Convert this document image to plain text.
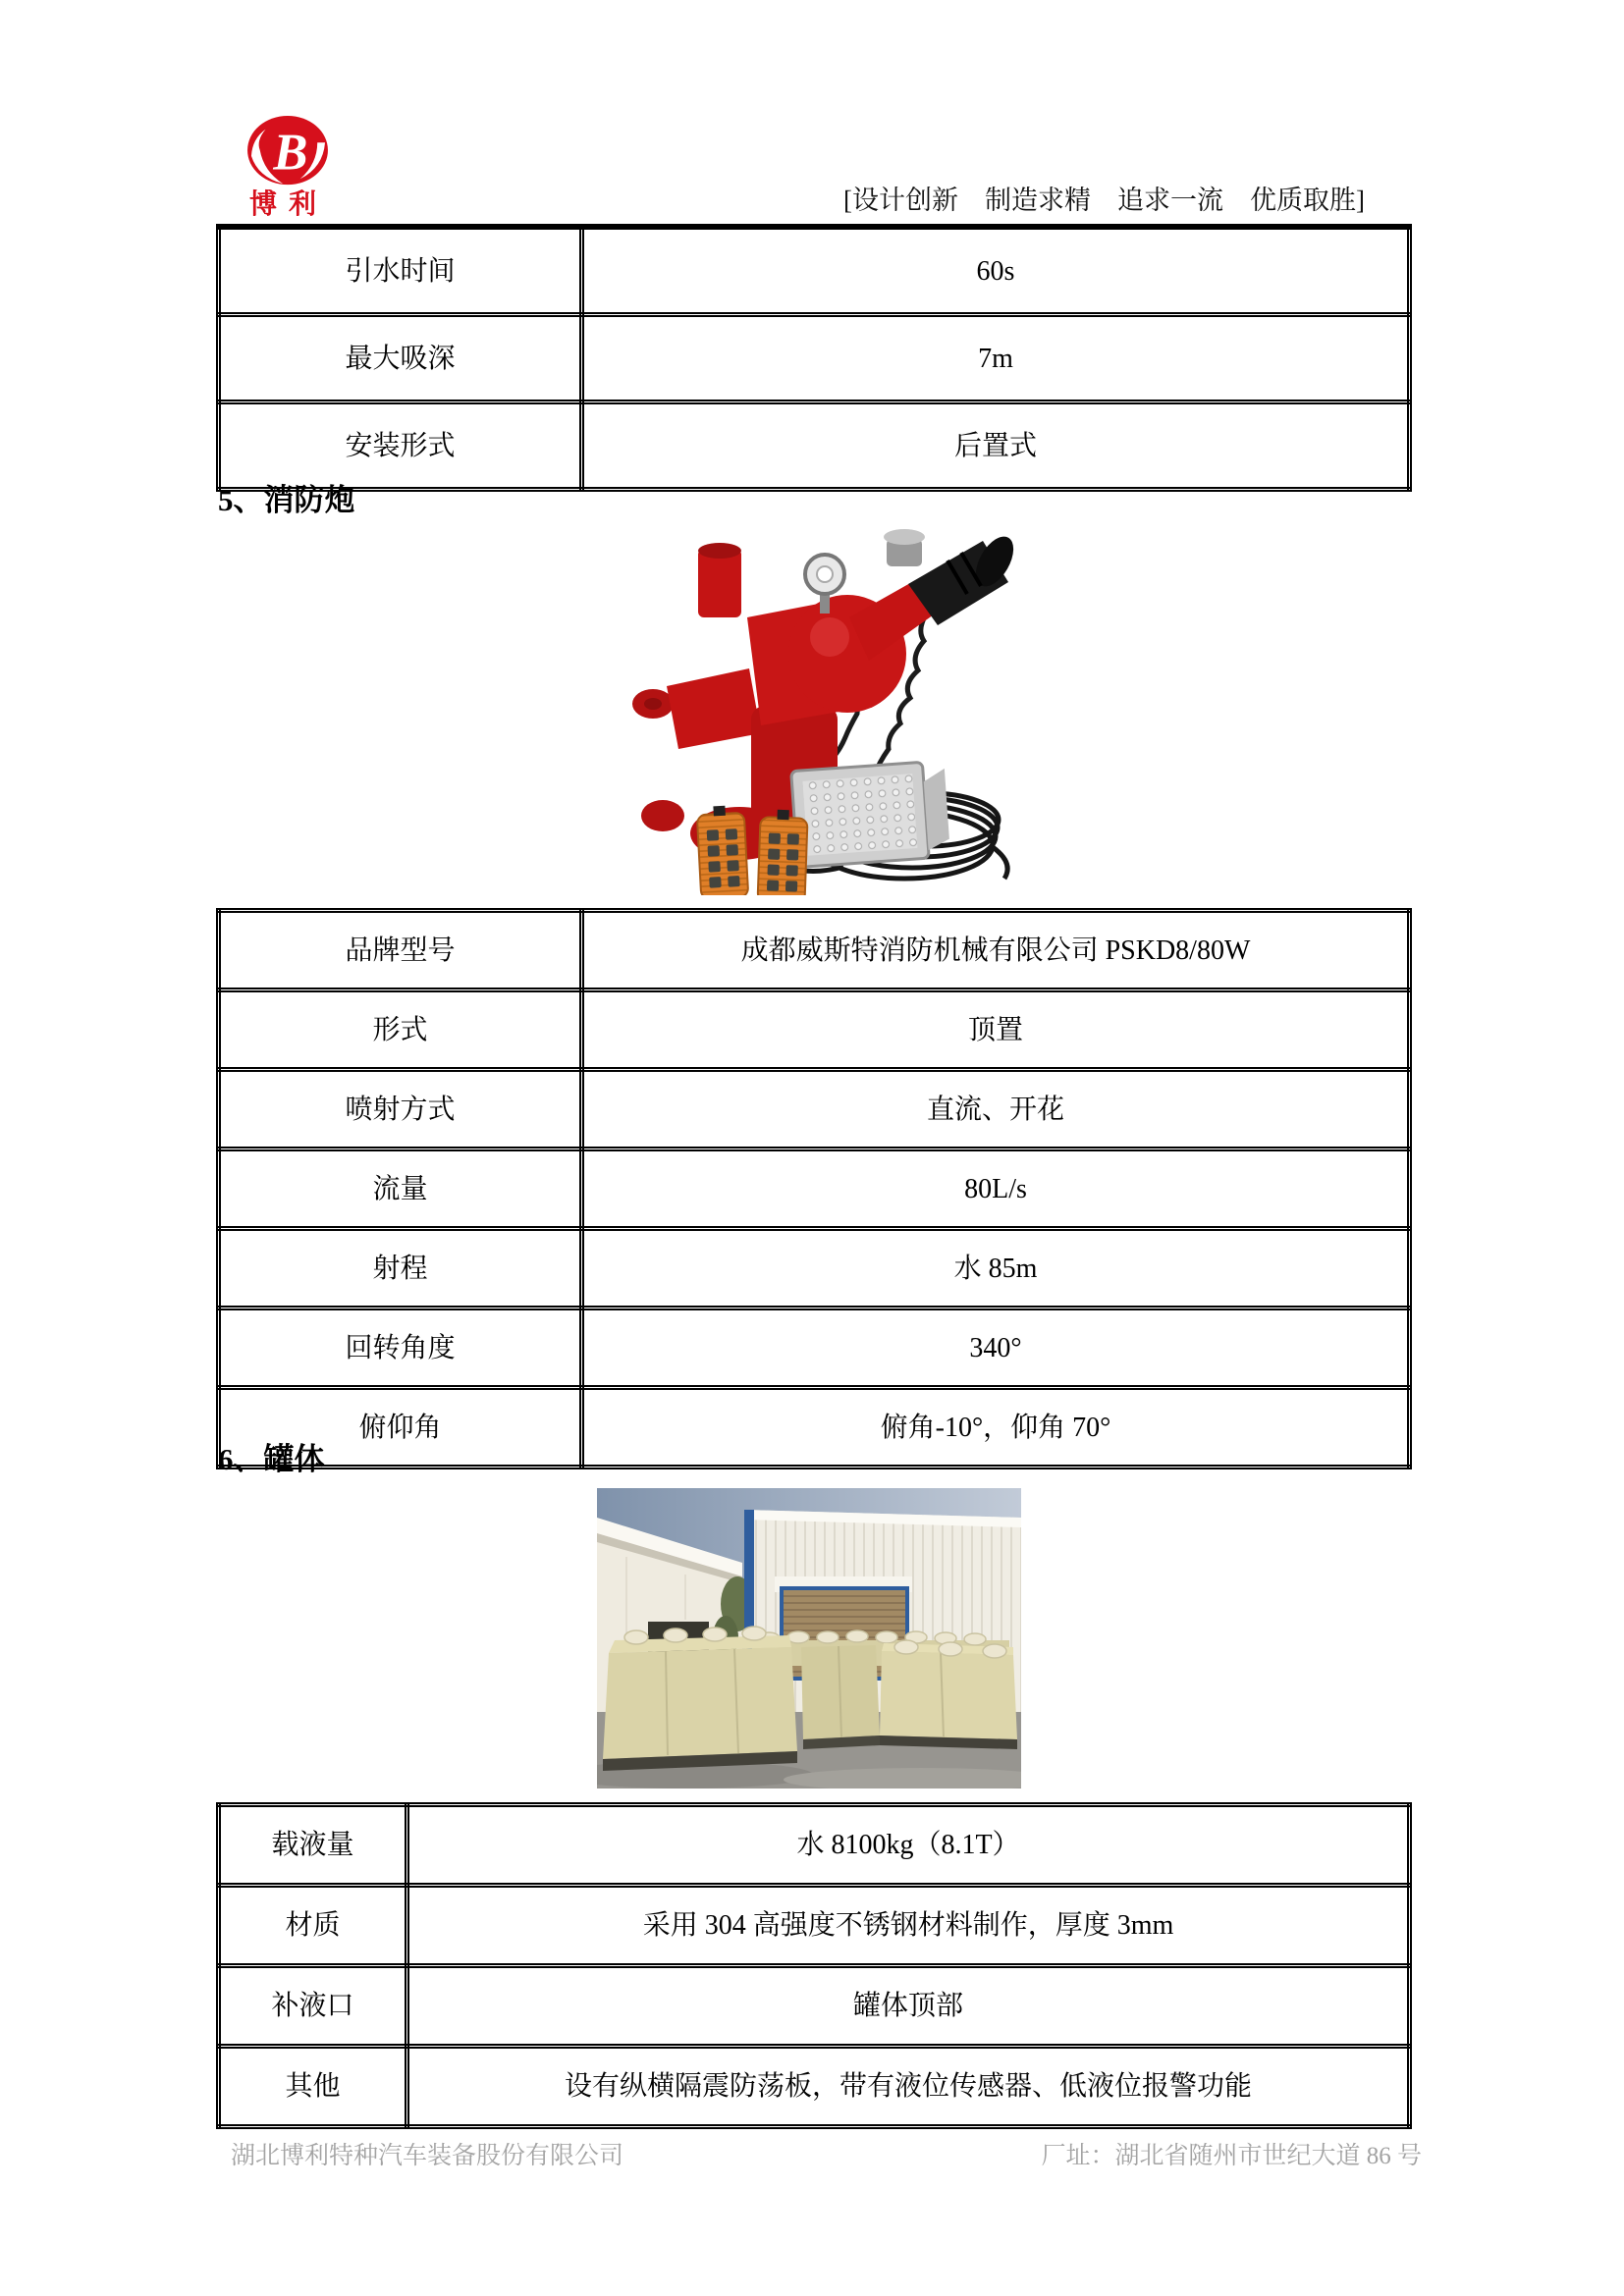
B
博利	[设计创新　制造求精　追求一流　优质取胜]
引水时间	60s
最大吸深	7m
安装形式	后置式
5、消防炮
品牌型号	成都威斯特消防机械有限公司 PSKD8/80W
形式	顶置
喷射方式	直流、开花
流量	80L/s
射程	水 85m
回转角度	340°
俯仰角	俯角-10°，仰角 70°
6、罐体
载液量	水 8100kg（8.1T）
材质	采用 304 高强度不锈钢材料制作，厚度 3mm
补液口	罐体顶部
其他	设有纵横隔震防荡板，带有液位传感器、低液位报警功能
湖北博利特种汽车装备股份有限公司	厂址：湖北省随州市世纪大道 86 号
